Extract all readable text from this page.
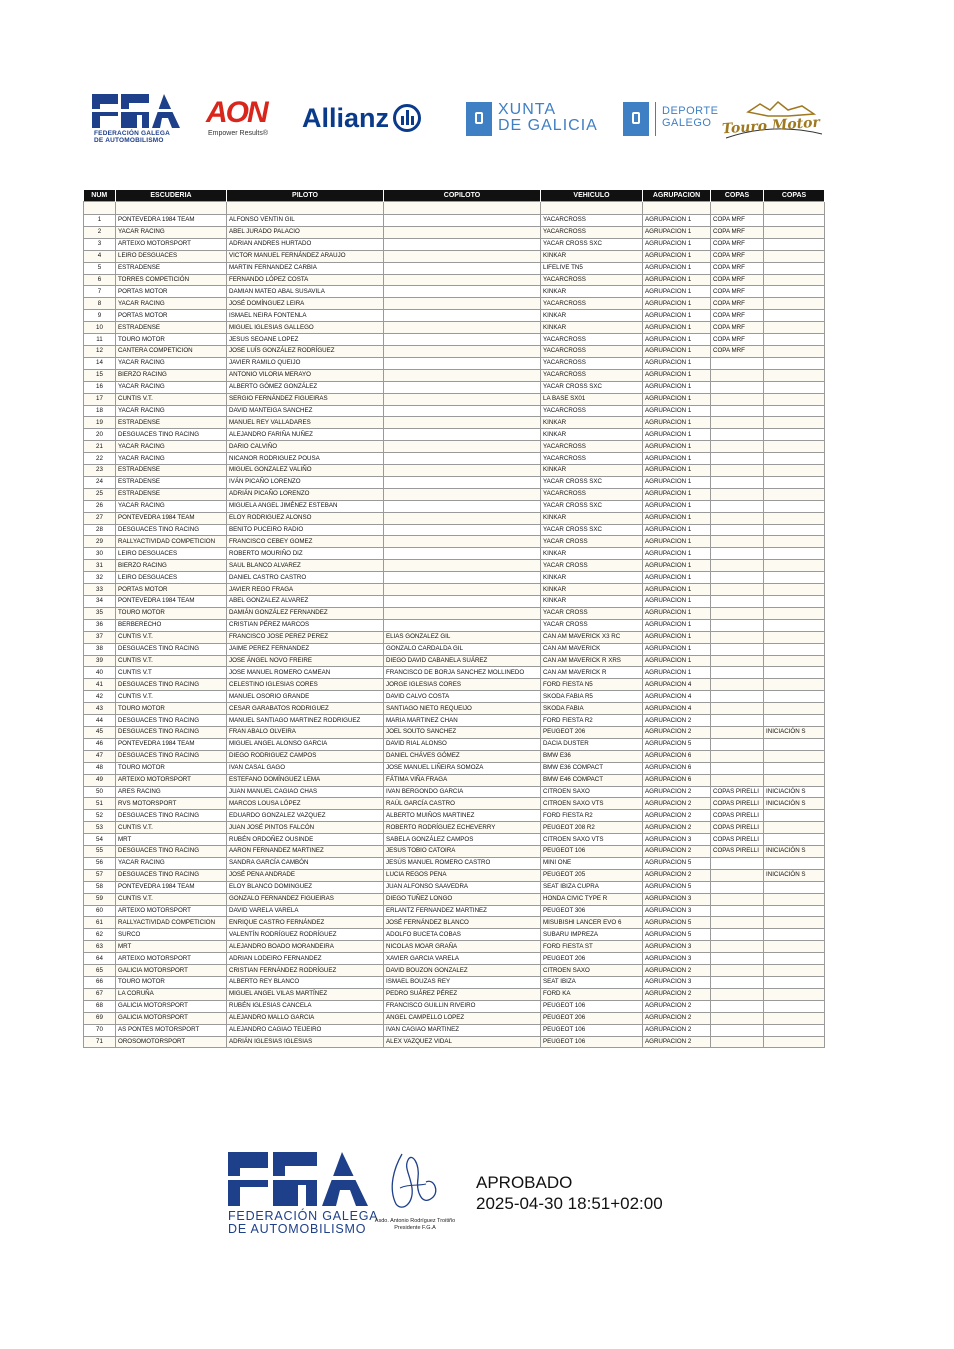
FEDERACIÓN GALEGA
DE AUTOMOBILISMO
AON
Empower Results®
Allianz	XUNTA
DE GALICIA
DEPORTE
GALEGO Touro Motor
NUM	ESCUDERIA	PILOTO	COPILOTO	VEHICULO	AGRUPACION	COPAS	COPAS

1	PONTEVEDRA 1984 TEAM	ALFONSO VENTIN GIL		YACARCROSS	AGRUPACION 1	COPA MRF	
2	YACAR RACING	ABEL JURADO PALACIO		YACARCROSS	AGRUPACION 1	COPA MRF	
3	ARTEIXO MOTORSPORT	ADRIAN ANDRES HURTADO		YACAR CROSS SXC	AGRUPACION 1	COPA MRF	
4	LEIRO DESGUACES	VICTOR MANUEL FERNÁNDEZ ARAUJO		KINKAR	AGRUPACION 1	COPA MRF	
5	ESTRADENSE	MARTIN FERNANDEZ CARBIA		LIFELIVE TN5	AGRUPACION 1	COPA MRF	
6	TORRES COMPETICIÓN	FERNANDO LÓPEZ COSTA		YACARCROSS	AGRUPACION 1	COPA MRF	
7	PORTAS MOTOR	DAMIAN MATEO ABAL SUSAVILA		KINKAR	AGRUPACION 1	COPA MRF	
8	YACAR RACING	JOSÉ DOMÍNGUEZ LEIRA		YACARCROSS	AGRUPACION 1	COPA MRF	
9	PORTAS MOTOR	ISMAEL NEIRA FONTENLA		KINKAR	AGRUPACION 1	COPA MRF	
10	ESTRADENSE	MIGUEL IGLESIAS GALLEGO		KINKAR	AGRUPACION 1	COPA MRF	
11	TOURO MOTOR	JESUS SEOANE LOPEZ		YACARCROSS	AGRUPACION 1	COPA MRF	
12	CANTERA COMPETICION	JOSE LUÍS GONZÁLEZ RODRÍGUEZ		YACARCROSS	AGRUPACION 1	COPA MRF	
14	YACAR RACING	JAVIER RAMILO QUEIJO		YACARCROSS	AGRUPACION 1		
15	BIERZO RACING	ANTONIO VILORIA MERAYO		YACARCROSS	AGRUPACION 1		
16	YACAR RACING	ALBERTO GÓMEZ GONZÁLEZ		YACAR CROSS SXC	AGRUPACION 1		
17	CUNTIS V.T.	SERGIO FERNÁNDEZ FIGUEIRAS		LA BASE SX01	AGRUPACION 1		
18	YACAR RACING	DAVID MANTEIGA SANCHEZ		YACARCROSS	AGRUPACION 1		
19	ESTRADENSE	MANUEL REY VALLADARES		KINKAR	AGRUPACION 1		
20	DESGUACES TINO RACING	ALEJANDRO FARIÑA NUÑEZ		KINKAR	AGRUPACION 1		
21	YACAR RACING	DARIO CALVIÑO		YACARCROSS	AGRUPACION 1		
22	YACAR RACING	NICANOR RODRIGUEZ POUSA		YACARCROSS	AGRUPACION 1		
23	ESTRADENSE	MIGUEL GONZALEZ VALIÑO		KINKAR	AGRUPACION 1		
24	ESTRADENSE	IVÁN PICAÑO LORENZO		YACAR CROSS SXC	AGRUPACION 1		
25	ESTRADENSE	ADRIÁN PICAÑO LORENZO		YACARCROSS	AGRUPACION 1		
26	YACAR RACING	MIGUELA ANGEL JIMÉNEZ ESTEBAN		YACAR CROSS SXC	AGRUPACION 1		
27	PONTEVEDRA 1984 TEAM	ELOY RODRIGUEZ ALONSO		KINKAR	AGRUPACION 1		
28	DESGUACES TINO RACING	BENITO PUCEIRO RADIO		YACAR CROSS SXC	AGRUPACION 1		
29	RALLYACTIVIDAD COMPETICION	FRANCISCO CEBEY GOMEZ		YACAR CROSS	AGRUPACION 1		
30	LEIRO DESGUACES	ROBERTO MOURIÑO DIZ		KINKAR	AGRUPACION 1		
31	BIERZO RACING	SAUL BLANCO ALVAREZ		YACAR CROSS	AGRUPACION 1		
32	LEIRO DESGUACES	DANIEL CASTRO CASTRO		KINKAR	AGRUPACION 1		
33	PORTAS MOTOR	JAVIER REGO FRAGA		KINKAR	AGRUPACION 1		
34	PONTEVEDRA 1984 TEAM	ABEL GONZALEZ ALVAREZ		KINKAR	AGRUPACION 1		
35	TOURO MOTOR	DAMIÁN GONZÁLEZ FERNANDEZ		YACAR CROSS	AGRUPACION 1		
36	BERBERECHO	CRISTIAN PÉREZ MARCOS		YACAR CROSS	AGRUPACION 1		
37	CUNTIS V.T.	FRANCISCO JOSE PEREZ PEREZ	ELIAS GONZALEZ GIL	CAN AM MAVERICK X3 RC	AGRUPACION 1		
38	DESGUACES TINO RACING	JAIME PEREZ FERNANDEZ	GONZALO CARDALDA GIL	CAN AM MAVERICK	AGRUPACION 1		
39	CUNTIS V.T.	JOSE ÁNGEL NOVO FREIRE	DIEGO DAVID CABANELA SUÁREZ	CAN AM MAVERICK R XRS	AGRUPACION 1		
40	CUNTIS V.T	JOSE MANUEL ROMERO CAMEAN	FRANCISCO DE BORJA SANCHEZ MOLLINEDO	CAN AM MAVERICK R	AGRUPACION 1		
41	DESGUACES TINO RACING	CELESTINO IGLESIAS CORES	JORGE IGLESIAS CORES	FORD FIESTA N5	AGRUPACION 4		
42	CUNTIS V.T.	MANUEL OSORIO GRANDE	DAVID CALVO COSTA	SKODA FABIA R5	AGRUPACION 4		
43	TOURO MOTOR	CESAR GARABATOS RODRIGUEZ	SANTIAGO NIETO REQUEIJO	SKODA FABIA	AGRUPACION 4		
44	DESGUACES TINO RACING	MANUEL SANTIAGO MARTINEZ RODRIGUEZ	MARIA MARTINEZ CHAN	FORD FIESTA R2	AGRUPACION 2		
45	DESGUACES TINO RACING	FRAN ABALO OLVEIRA	JOEL SOUTO SANCHEZ	PEUGEOT 206	AGRUPACION 2		INICIACIÓN S
46	PONTEVEDRA 1984 TEAM	MIGUEL ANGEL ALONSO GARCIA	DAVID RIAL ALONSO	DACIA DUSTER	AGRUPACION 5		
47	DESGUACES TINO RACING	DIEGO RODRIGUEZ CAMPOS	DANIEL CHÁVES GÓMEZ	BMW E36	AGRUPACION 6		
48	TOURO MOTOR	IVAN CASAL GAGO	JOSE MANUEL LIÑEIRA SOMOZA	BMW E36 COMPACT	AGRUPACION 6		
49	ARTEIXO MOTORSPORT	ESTEFANO DOMÍNGUEZ LEMA	FÁTIMA VIÑA FRAGA	BMW E46 COMPACT	AGRUPACION 6		
50	ARES RACING	JUAN MANUEL CAGIAO CHAS	IVAN BERGONDO GARCIA	CITROEN SAXO	AGRUPACION 2	COPAS PIRELLI	INICIACIÓN S
51	RVS MOTORSPORT	MARCOS LOUSA LÓPEZ	RAÚL GARCÍA CASTRO	CITROEN SAXO VTS	AGRUPACION 2	COPAS PIRELLI	INICIACIÓN S
52	DESGUACES TINO RACING	EDUARDO GONZALEZ VAZQUEZ	ALBERTO MUIÑOS MARTINEZ	FORD FIESTA R2	AGRUPACION 2	COPAS PIRELLI	
53	CUNTIS V.T.	JUAN JOSÉ PINTOS FALCÓN	ROBERTO RODRÍGUEZ ECHEVERRY	PEUGEOT 208 R2	AGRUPACION 2	COPAS PIRELLI	
54	MRT	RUBÉN ORDOÑEZ OUSINDE	SABELA GONZÁLEZ CAMPOS	CITROEN SAXO VTS	AGRUPACION 3	COPAS PIRELLI	
55	DESGUACES TINO RACING	AARON FERNANDEZ MARTINEZ	JESUS TOBIO CATOIRA	PEUGEOT 106	AGRUPACION 2	COPAS PIRELLI	INICIACIÓN S
56	YACAR RACING	SANDRA GARCÍA CAMBÓN	JESÚS MANUEL ROMERO CASTRO	MINI ONE	AGRUPACION 5		
57	DESGUACES TINO RACING	JOSÉ PENA ANDRADE	LUCIA REGOS PENA	PEUGEOT 205	AGRUPACION 2		INICIACIÓN S
58	PONTEVEDRA 1984 TEAM	ELOY BLANCO DOMINGUEZ	JUAN ALFONSO SAAVEDRA	SEAT IBIZA CUPRA	AGRUPACION 5		
59	CUNTIS V.T.	GONZALO FERNANDEZ FIGUEIRAS	DIEGO TUÑEZ LONGO	HONDA CIVIC TYPE R	AGRUPACION 3		
60	ARTEIXO MOTORSPORT	DAVID VARELA VARELA	ERLANTZ FERNANDEZ MARTINEZ	PEUGEOT 306	AGRUPACION 3		
61	RALLYACTIVIDAD COMPETICION	ENRIQUE CASTRO FERNÁNDEZ	JOSÉ FERNÁNDEZ BLANCO	MISUBISHI LANCER EVO 6	AGRUPACION 5		
62	SURCO	VALENTÍN RODRÍGUEZ RODRÍGUEZ	ADOLFO BUCETA COBAS	SUBARU IMPREZA	AGRUPACION 5		
63	MRT	ALEJANDRO BOADO MORANDEIRA	NICOLAS MOAR GRAÑA	FORD FIESTA ST	AGRUPACION 3		
64	ARTEIXO MOTORSPORT	ADRIAN LODEIRO FERNANDEZ	XAVIER GARCIA VARELA	PEUGEOT 206	AGRUPACION 3		
65	GALICIA MOTORSPORT	CRISTIAN FERNÁNDEZ RODRÍGUEZ	DAVID BOUZON GONZALEZ	CITROEN SAXO	AGRUPACION 2		
66	TOURO MOTOR	ALBERTO REY BLANCO	ISMAEL BOUZAS REY	SEAT IBIZA	AGRUPACION 3		
67	LA CORUÑA	MIGUEL ANGEL VILAS MARTÍNEZ	PEDRO SUÁREZ PÉREZ	FORD KA	AGRUPACION 2		
68	GALICIA MOTORSPORT	RUBÉN IGLESIAS CANCELA	FRANCISCO GUILLIN RIVEIRO	PEUGEOT 106	AGRUPACION 2		
69	GALICIA MOTORSPORT	ALEJANDRO MALLO GARCIA	ANGEL CAMPELLO LOPEZ	PEUGEOT 206	AGRUPACION 2		
70	AS PONTES MOTORSPORT	ALEJANDRO CAGIAO TEIJEIRO	IVAN CAGIAO MARTINEZ	PEUGEOT 106	AGRUPACION 2		
71	OROSOMOTORSPORT	ADRIÁN IGLESIAS IGLESIAS	ALEX VAZQUEZ VIDAL	PEUGEOT 106	AGRUPACION 2		
FEDERACIÓN GALEGA
DE AUTOMOBILISMO
Asdo. Antonio Rodríguez Troitiño
Presidente F.G.A
APROBADO
2025-04-30 18:51+02:00
